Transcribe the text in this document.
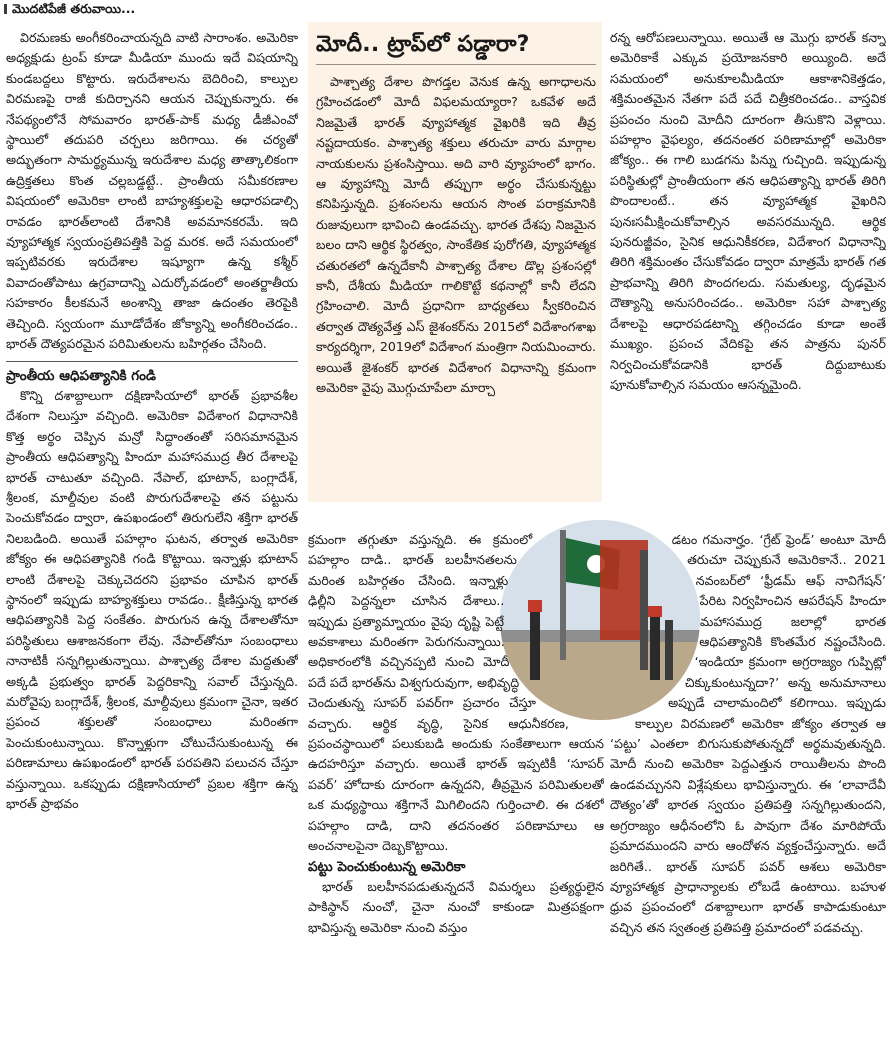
మొదటిపేజీ తరువాయి...

విరమణకు అంగీకరించాయన్నది వాటి సారాంశం. అమెరికా అధ్యక్షుడు ట్రంప్ కూడా మీడియా ముందు ఇదే విషయాన్ని కుండబద్దలు కొట్టారు. ఇరుదేశాలను బెదిరించి, కాల్పుల విరమణపై రాజీ కుదిర్చానని ఆయన చెప్పుకున్నారు. ఈ నేపథ్యంలోనే సోమవారం భారత్-పాక్ మధ్య డీజీఎంవో స్థాయిలో తదుపరి చర్చలు జరిగాయి. ఈ చర్యతో అద్భుతంగా సామర్థ్యమున్న ఇరుదేశాల మధ్య తాత్కాలికంగా ఉద్రిక్తతలు కొంత చల్లబడ్డట్టే.. ప్రాంతీయ సమీకరణాల విషయంలో అమెరికా లాంటి బాహ్యశక్తులపై ఆధారపడాల్సి రావడం భారత్‌లాంటి దేశానికి అవమానకరమే. ఇది వ్యూహాత్మక స్వయంప్రతిపత్తికి పెద్ద మరక. అదే సమయంలో ఇప్పటివరకు ఇరుదేశాల ఇష్యూగా ఉన్న కశ్మీర్ వివాదంతోపాటు ఉగ్రవాదాన్ని ఎదుర్కోవడంలో అంతర్జాతీయ సహకారం కీలకమనే అంశాన్ని తాజా ఉదంతం తెరపైకి తెచ్చింది. స్వయంగా మూడోదేశం జోక్యాన్ని అంగీకరించడం.. భారత్ దౌత్యపరమైన పరిమితులను బహిర్గతం చేసింది.

ప్రాంతీయ ఆధిపత్యానికి గండి

కొన్ని దశాబ్దాలుగా దక్షిణాసియాలో భారత్ ప్రభావశీల దేశంగా నిలుస్తూ వచ్చింది. అమెరికా విదేశాంగ విధానానికి కొత్త అర్థం చెప్పిన మన్రో సిద్ధాంతంతో సరిసమానమైన ప్రాంతీయ ఆధిపత్యాన్ని హిందూ మహాసముద్ర తీర దేశాలపై భారత్ చాటుతూ వచ్చింది. నేపాల్, భూటాన్, బంగ్లాదేశ్, శ్రీలంక, మాల్దీవుల వంటి పొరుగుదేశాలపై తన పట్టును పెంచుకోవడం ద్వారా, ఉపఖండంలో తిరుగులేని శక్తిగా భారత్ నిలబడింది. అయితే పహల్గాం ఘటన, తర్వాత అమెరికా జోక్యం ఈ ఆధిపత్యానికి గండి కొట్టాయి. ఇన్నాళ్లు భూటాన్ లాంటి దేశాలపై చెక్కుచెదరని ప్రభావం చూపిన భారత్ స్థానంలో ఇప్పుడు బాహ్యశక్తులు రావడం.. క్షీణిస్తున్న భారత ఆధిపత్యానికి పెద్ద సంకేతం. పొరుగున ఉన్న దేశాలతోనూ పరిస్థితులు ఆశాజనకంగా లేవు. నేపాల్‌తోనూ సంబంధాలు నానాటికీ సన్నగిల్లుతున్నాయి. పాశ్చాత్య దేశాల మద్దతుతో అక్కడి ప్రభుత్వం భారత్ పెద్దరికాన్ని సవాల్ చేస్తున్నది. మరోవైపు బంగ్లాదేశ్, శ్రీలంక, మాల్దీవులు క్రమంగా చైనా, ఇతర ప్రపంచ శక్తులతో సంబంధాలు మరింతగా పెంచుకుంటున్నాయి. కొన్నాళ్లుగా చోటుచేసుకుంటున్న ఈ పరిణామాలు ఉపఖండంలో భారత్ పరపతిని పలుచన చేస్తూ వస్తున్నాయి. ఒకప్పుడు దక్షిణాసియాలో ప్రబల శక్తిగా ఉన్న భారత్ ప్రాభవం

మోదీ.. ట్రాప్‌లో పడ్డారా?

పాశ్చాత్య దేశాల పొగడ్తల వెనుక ఉన్న అగాధాలను గ్రహించడంలో మోదీ విఫలమయ్యారా? ఒకవేళ అదే నిజమైతే భారత్ వ్యూహాత్మక వైఖరికి ఇది తీవ్ర నష్టదాయకం. పాశ్చాత్య శక్తులు తరుచూ వారు మార్గాల నాయకులను ప్రశంసిస్తాయి. అది వారి వ్యూహంలో భాగం. ఆ వ్యూహాన్ని మోదీ తప్పుగా అర్థం చేసుకున్నట్టు కనిపిస్తున్నది. ప్రశంసలను ఆయన సొంత పరాక్రమానికి రుజువులుగా భావించి ఉండవచ్చు. భారత దేశపు నిజమైన బలం దాని ఆర్థిక స్థిరత్వం, సాంకేతిక పురోగతి, వ్యూహాత్మక చతురతలో ఉన్నదేకానీ పాశ్చాత్య దేశాల డొల్ల ప్రశంసల్లో కానీ, దేశీయ మీడియా గాలికొట్టే కథనాల్లో కానీ లేదని గ్రహించాలి. మోదీ ప్రధానిగా బాధ్యతలు స్వీకరించిన తర్వాత దౌత్యవేత్త ఎస్ జైశంకర్‌ను 2015లో విదేశాంగశాఖ కార్యదర్శిగా, 2019లో విదేశాంగ మంత్రిగా నియమించారు. అయితే జైశంకర్ భారత విదేశాంగ విధానాన్ని క్రమంగా అమెరికా వైపు మొగ్గుచూపేలా మార్చా

రన్న ఆరోపణలున్నాయి. అయితే ఆ మొగ్గు భారత్ కన్నా అమెరికాకే ఎక్కువ ప్రయోజనకారి అయ్యింది. అదే సమయంలో అనుకూలమీడియా ఆకాశానికెత్తడం, శక్తిమంతమైన నేతగా పదే పదే చిత్రీకరించడం.. వాస్తవిక ప్రపంచం నుంచి మోదీని దూరంగా తీసుకొని వెళ్లాయి. పహల్గాం వైఫల్యం, తదనంతర పరిణామాల్లో అమెరికా జోక్యం.. ఈ గాలి బుడగను పిన్ను గుచ్చింది. ఇప్పుడున్న పరిస్థితుల్లో ప్రాంతీయంగా తన ఆధిపత్యాన్ని భారత్ తిరిగి పొందాలంటే.. తన వ్యూహాత్మక వైఖరిని పునఃసమీక్షించుకోవాల్సిన అవసరమున్నది. ఆర్థిక పునరుజ్జీవం, సైనిక ఆధునికీకరణ, విదేశాంగ విధానాన్ని తిరిగి శక్తిమంతం చేసుకోవడం ద్వారా మాత్రమే భారత్ గత ప్రాభవాన్ని తిరిగి పొందగలదు. సమతుల్య, దృఢమైన దౌత్యాన్ని అనుసరించడం.. అమెరికా సహా పాశ్చాత్య దేశాలపై ఆధారపడటాన్ని తగ్గించడం కూడా అంతే ముఖ్యం. ప్రపంచ వేదికపై తన పాత్రను పునర్ నిర్వచించుకోవడానికి భారత్ దిద్దుబాటుకు పూనుకోవాల్సిన సమయం ఆసన్నమైంది.

క్రమంగా తగ్గుతూ వస్తున్నది. ఈ క్రమంలో పహల్గాం దాడి.. భారత్ బలహీనతలను మరింత బహిర్గతం చేసింది. ఇన్నాళ్లు ఢిల్లీని పెద్దన్నలా చూసిన దేశాలు.. ఇప్పుడు ప్రత్యామ్నాయం వైపు దృష్టి పెట్టే అవకాశాలు మరింతగా పెరుగనున్నాయి. అధికారంలోకి వచ్చినప్పటి నుంచి మోదీ పదే పదే భారత్‌ను విశ్వగురువుగా, అభివృద్ధి చెందుతున్న సూపర్ పవర్‌గా ప్రచారం చేస్తూ వచ్చారు. ఆర్థిక వృద్ధి, సైనిక ఆధునీకరణ, ప్రపంచస్థాయిలో పలుకుబడి అందుకు సంకేతాలుగా ఆయన ఉదహరిస్తూ వచ్చారు. అయితే భారత్ ఇప్పటికీ ‘సూపర్ పవర్’ హోదాకు దూరంగా ఉన్నదని, తీవ్రమైన పరిమితులతో ఒక మధ్యస్థాయి శక్తిగానే మిగిలిందని గుర్తించాలి. ఈ దశలో పహల్గాం దాడి, దాని తదనంతర పరిణామాలు ఆ అంచనాలపైనా దెబ్బకొట్టాయి.

పట్టు పెంచుకుంటున్న అమెరికా

భారత్ బలహీనపడుతున్నదనే విమర్శలు ప్రత్యర్థులైన పాకిస్థాన్ నుంచో, చైనా నుంచో కాకుండా మిత్రపక్షంగా భావిస్తున్న అమెరికా నుంచి వస్తుం

డటం గమనార్హం. ‘గ్రేట్ ఫ్రెండ్’ అంటూ మోదీ తరుచూ చెప్పుకునే అమెరికానే.. 2021 నవంబర్‌లో ‘ఫ్రీడమ్ ఆఫ్ నావిగేషన్’ పేరిట నిర్వహించిన ఆపరేషన్ హిందూ మహాసముద్ర జలాల్లో భారత ఆధిపత్యానికి కొంతమేర నష్టంచేసింది. ‘ఇండియా క్రమంగా అగ్రరాజ్యం గుప్పిట్లో చిక్కుకుంటున్నదా?’ అన్న అనుమానాలు అప్పుడే చాలామందిలో కలిగాయి. ఇప్పుడు కాల్పుల విరమణలో అమెరికా జోక్యం తర్వాత ఆ ‘పట్టు’ ఎంతలా బిగుసుకుపోతున్నదో అర్థమవుతున్నది. మోదీ నుంచి అమెరికా పెద్దఎత్తున రాయితీలను పొంది ఉండవచ్చునని విశ్లేషకులు భావిస్తున్నారు. ఈ ‘లావాదేవీ దౌత్యం’తో భారత స్వయం ప్రతిపత్తి సన్నగిల్లుతుందని, అగ్రరాజ్యం ఆధీనంలోని ఓ పావుగా దేశం మారిపోయే ప్రమాదముందని వారు ఆందోళన వ్యక్తంచేస్తున్నారు. అదే జరిగితే.. భారత్ సూపర్ పవర్ ఆశలు అమెరికా వ్యూహాత్మక ప్రాధాన్యాలకు లోబడే ఉంటాయి. బహుళ ధ్రువ ప్రపంచంలో దశాబ్దాలుగా భారత్ కాపాడుకుంటూ వచ్చిన తన స్వతంత్ర ప్రతిపత్తి ప్రమాదంలో పడవచ్చు.
